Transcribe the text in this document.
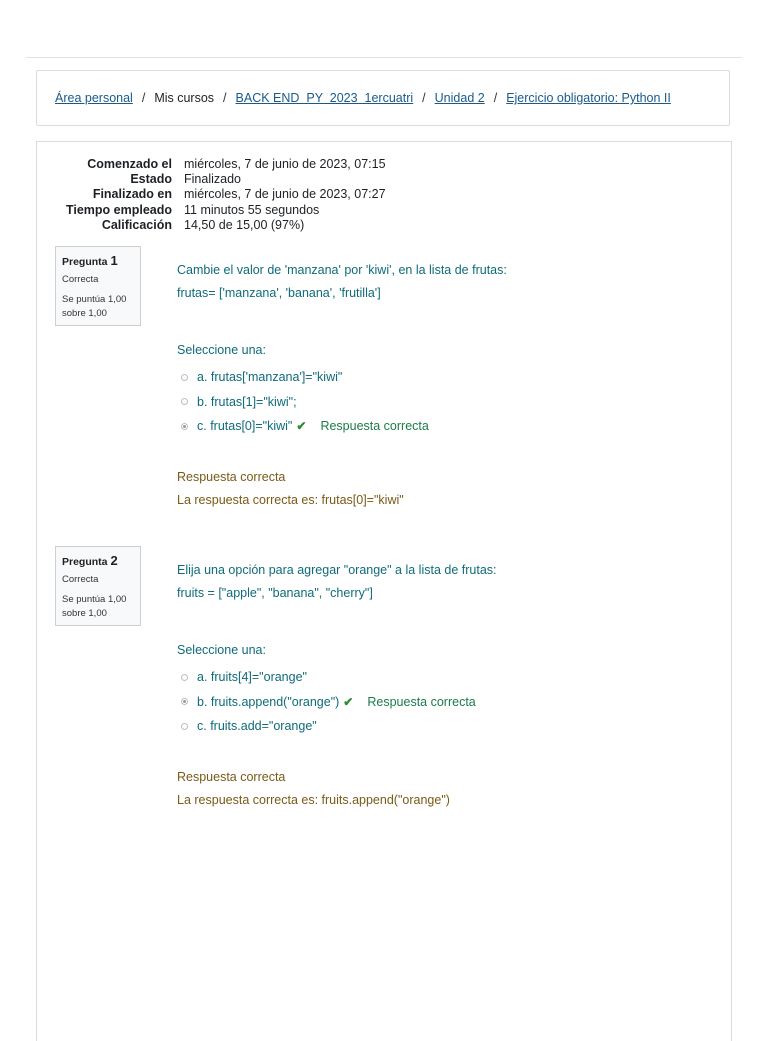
Área personal / Mis cursos / BACK END  PY  2023  1ercuatri / Unidad 2 / Ejercicio obligatorio: Python II
Comenzado el	miércoles, 7 de junio de 2023, 07:15
Estado	Finalizado
Finalizado en	miércoles, 7 de junio de 2023, 07:27
Tiempo empleado	11 minutos 55 segundos
Calificación	14,50 de 15,00 (97%)
Pregunta 1
Correcta
Se puntúa 1,00 sobre 1,00
Cambie el valor de 'manzana' por 'kiwi', en la lista de frutas:
frutas= ['manzana', 'banana', 'frutilla']
Seleccione una:
a. frutas['manzana']="kiwi"
b. frutas[1]="kiwi";
c. frutas[0]="kiwi" ✔ Respuesta correcta
Respuesta correcta
La respuesta correcta es: frutas[0]="kiwi"
Pregunta 2
Correcta
Se puntúa 1,00 sobre 1,00
Elija una opción para agregar "orange" a la lista de frutas:
fruits = ["apple", "banana", "cherry"]
Seleccione una:
a. fruits[4]="orange"
b. fruits.append("orange") ✔ Respuesta correcta
c. fruits.add="orange"
Respuesta correcta
La respuesta correcta es: fruits.append("orange")
